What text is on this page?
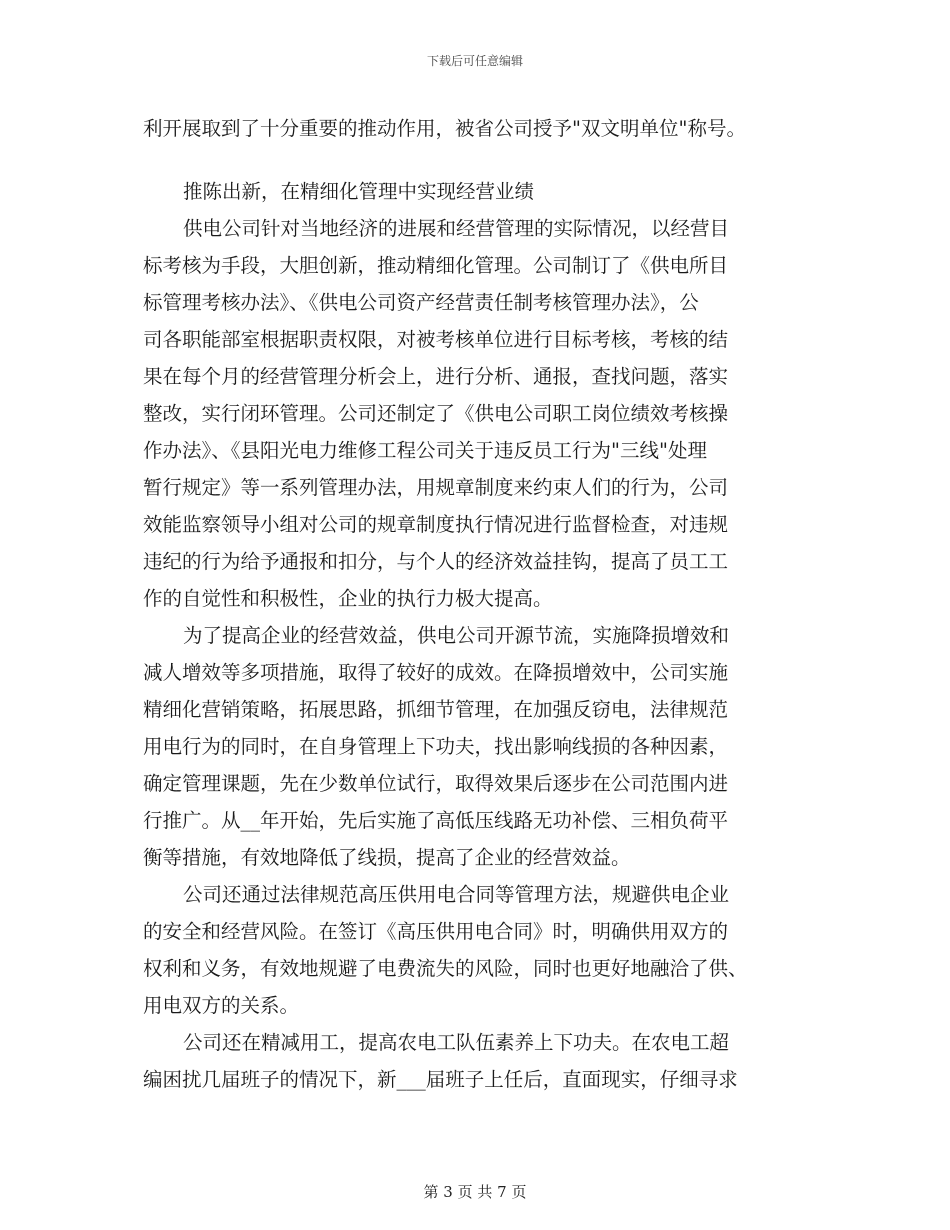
下载后可任意编辑
利开展取到了十分重要的推动作用，被省公司授予"双文明单位"称号。
推陈出新，在精细化管理中实现经营业绩
供电公司针对当地经济的进展和经营管理的实际情况，以经营目
标考核为手段，大胆创新，推动精细化管理。公司制订了《供电所目
标管理考核办法》、《供电公司资产经营责任制考核管理办法》，公
司各职能部室根据职责权限，对被考核单位进行目标考核，考核的结
果在每个月的经营管理分析会上，进行分析、通报，查找问题，落实
整改，实行闭环管理。公司还制定了《供电公司职工岗位绩效考核操
作办法》、《县阳光电力维修工程公司关于违反员工行为"三线"处理
暂行规定》等一系列管理办法，用规章制度来约束人们的行为，公司
效能监察领导小组对公司的规章制度执行情况进行监督检查，对违规
违纪的行为给予通报和扣分，与个人的经济效益挂钩，提高了员工工
作的自觉性和积极性，企业的执行力极大提高。
为了提高企业的经营效益，供电公司开源节流，实施降损增效和
减人增效等多项措施，取得了较好的成效。在降损增效中，公司实施
精细化营销策略，拓展思路，抓细节管理，在加强反窃电，法律规范
用电行为的同时，在自身管理上下功夫，找出影响线损的各种因素，
确定管理课题，先在少数单位试行，取得效果后逐步在公司范围内进
行推广。从__年开始，先后实施了高低压线路无功补偿、三相负荷平
衡等措施，有效地降低了线损，提高了企业的经营效益。
公司还通过法律规范高压供用电合同等管理方法，规避供电企业
的安全和经营风险。在签订《高压供用电合同》时，明确供用双方的
权利和义务，有效地规避了电费流失的风险，同时也更好地融洽了供、
用电双方的关系。
公司还在精减用工，提高农电工队伍素养上下功夫。在农电工超
编困扰几届班子的情况下，新___届班子上任后，直面现实，仔细寻求
第 3 页 共 7 页
